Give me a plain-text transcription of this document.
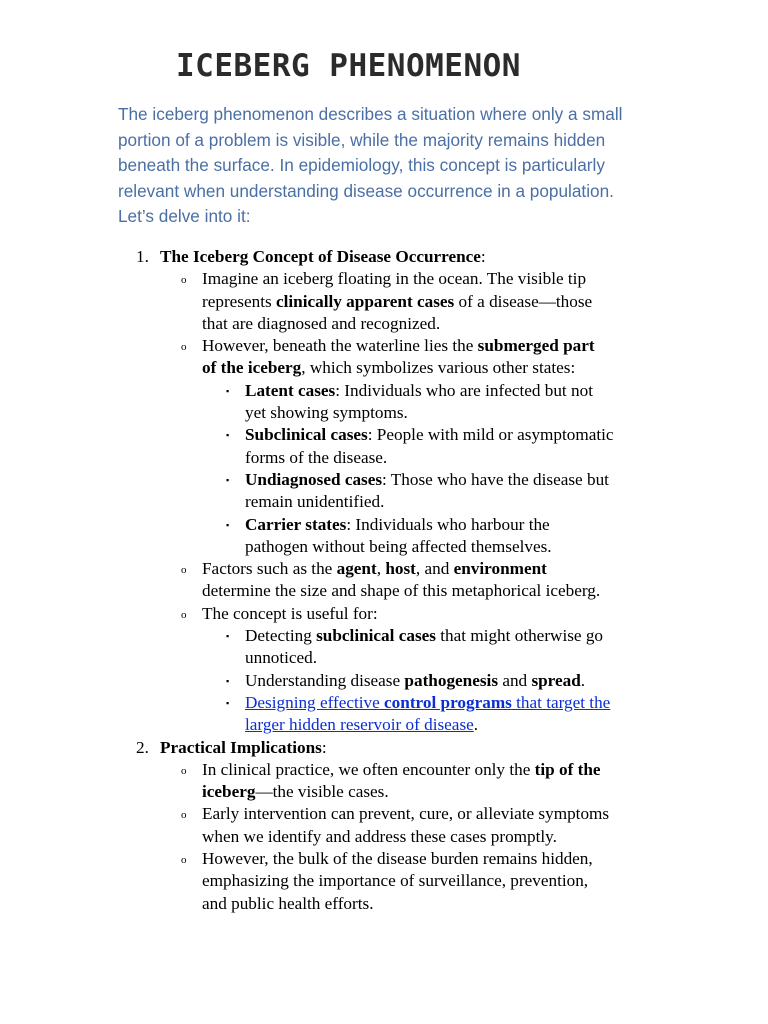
ICEBERG PHENOMENON

The iceberg phenomenon describes a situation where only a small
portion of a problem is visible, while the majority remains hidden
beneath the surface. In epidemiology, this concept is particularly
relevant when understanding disease occurrence in a population.
Let’s delve into it:

1. The Iceberg Concept of Disease Occurrence:
o Imagine an iceberg floating in the ocean. The visible tip
represents clinically apparent cases of a disease—those
that are diagnosed and recognized.
o However, beneath the waterline lies the submerged part
of the iceberg, which symbolizes various other states:
▪ Latent cases: Individuals who are infected but not
yet showing symptoms.
▪ Subclinical cases: People with mild or asymptomatic
forms of the disease.
▪ Undiagnosed cases: Those who have the disease but
remain unidentified.
▪ Carrier states: Individuals who harbour the
pathogen without being affected themselves.
o Factors such as the agent, host, and environment
determine the size and shape of this metaphorical iceberg.
o The concept is useful for:
▪ Detecting subclinical cases that might otherwise go
unnoticed.
▪ Understanding disease pathogenesis and spread.
▪ Designing effective control programs that target the
larger hidden reservoir of disease.
2. Practical Implications:
o In clinical practice, we often encounter only the tip of the
iceberg—the visible cases.
o Early intervention can prevent, cure, or alleviate symptoms
when we identify and address these cases promptly.
o However, the bulk of the disease burden remains hidden,
emphasizing the importance of surveillance, prevention,
and public health efforts.
